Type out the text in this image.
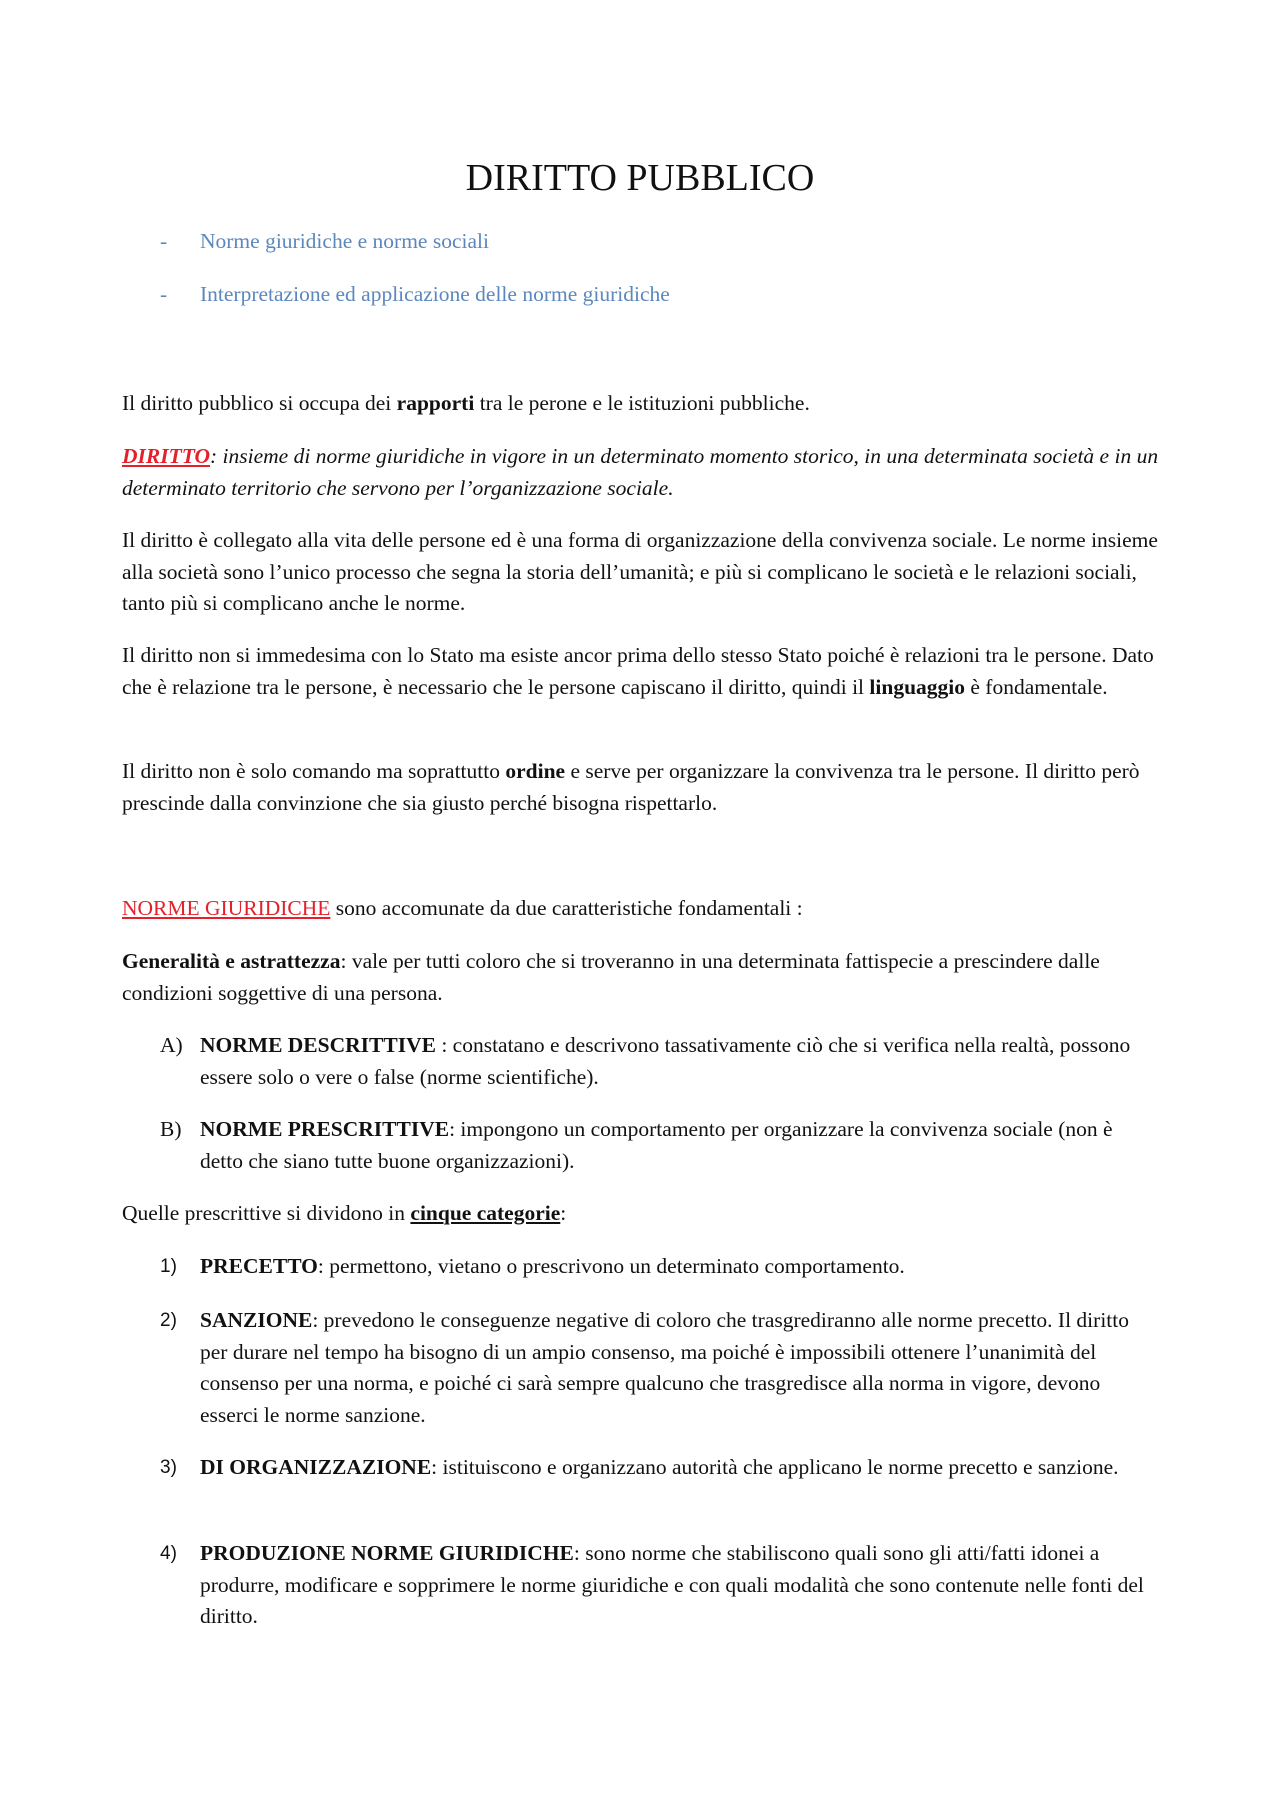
DIRITTO PUBBLICO
- Norme giuridiche e norme sociali
- Interpretazione ed applicazione delle norme giuridiche
Il diritto pubblico si occupa dei rapporti tra le perone e le istituzioni pubbliche.
DIRITTO: insieme di norme giuridiche in vigore in un determinato momento storico, in una determinata società e in un determinato territorio che servono per l’organizzazione sociale.
Il diritto è collegato alla vita delle persone ed è una forma di organizzazione della convivenza sociale. Le norme insieme alla società sono l’unico processo che segna la storia dell’umanità; e più si complicano le società e le relazioni sociali, tanto più si complicano anche le norme.
Il diritto non si immedesima con lo Stato ma esiste ancor prima dello stesso Stato poiché è relazioni tra le persone. Dato che è relazione tra le persone, è necessario che le persone capiscano il diritto, quindi il linguaggio è fondamentale.
Il diritto non è solo comando ma soprattutto ordine e serve per organizzare la convivenza tra le persone. Il diritto però prescinde dalla convinzione che sia giusto perché bisogna rispettarlo.
NORME GIURIDICHE sono accomunate da due caratteristiche fondamentali :
Generalità e astrattezza: vale per tutti coloro che si troveranno in una determinata fattispecie a prescindere dalle condizioni soggettive di una persona.
A) NORME DESCRITTIVE : constatano e descrivono tassativamente ciò che si verifica nella realtà, possono essere solo o vere o false (norme scientifiche).
B) NORME PRESCRITTIVE: impongono un comportamento per organizzare la convivenza sociale (non è detto che siano tutte buone organizzazioni).
Quelle prescrittive si dividono in cinque categorie:
1) PRECETTO: permettono, vietano o prescrivono un determinato comportamento.
2) SANZIONE: prevedono le conseguenze negative di coloro che trasgrediranno alle norme precetto. Il diritto per durare nel tempo ha bisogno di un ampio consenso, ma poiché è impossibili ottenere l’unanimità del consenso per una norma, e poiché ci sarà sempre qualcuno che trasgredisce alla norma in vigore, devono esserci le norme sanzione.
3) DI ORGANIZZAZIONE: istituiscono e organizzano autorità che applicano le norme precetto e sanzione.
4) PRODUZIONE NORME GIURIDICHE: sono norme che stabiliscono quali sono gli atti/fatti idonei a produrre, modificare e sopprimere le norme giuridiche e con quali modalità che sono contenute nelle fonti del diritto.
